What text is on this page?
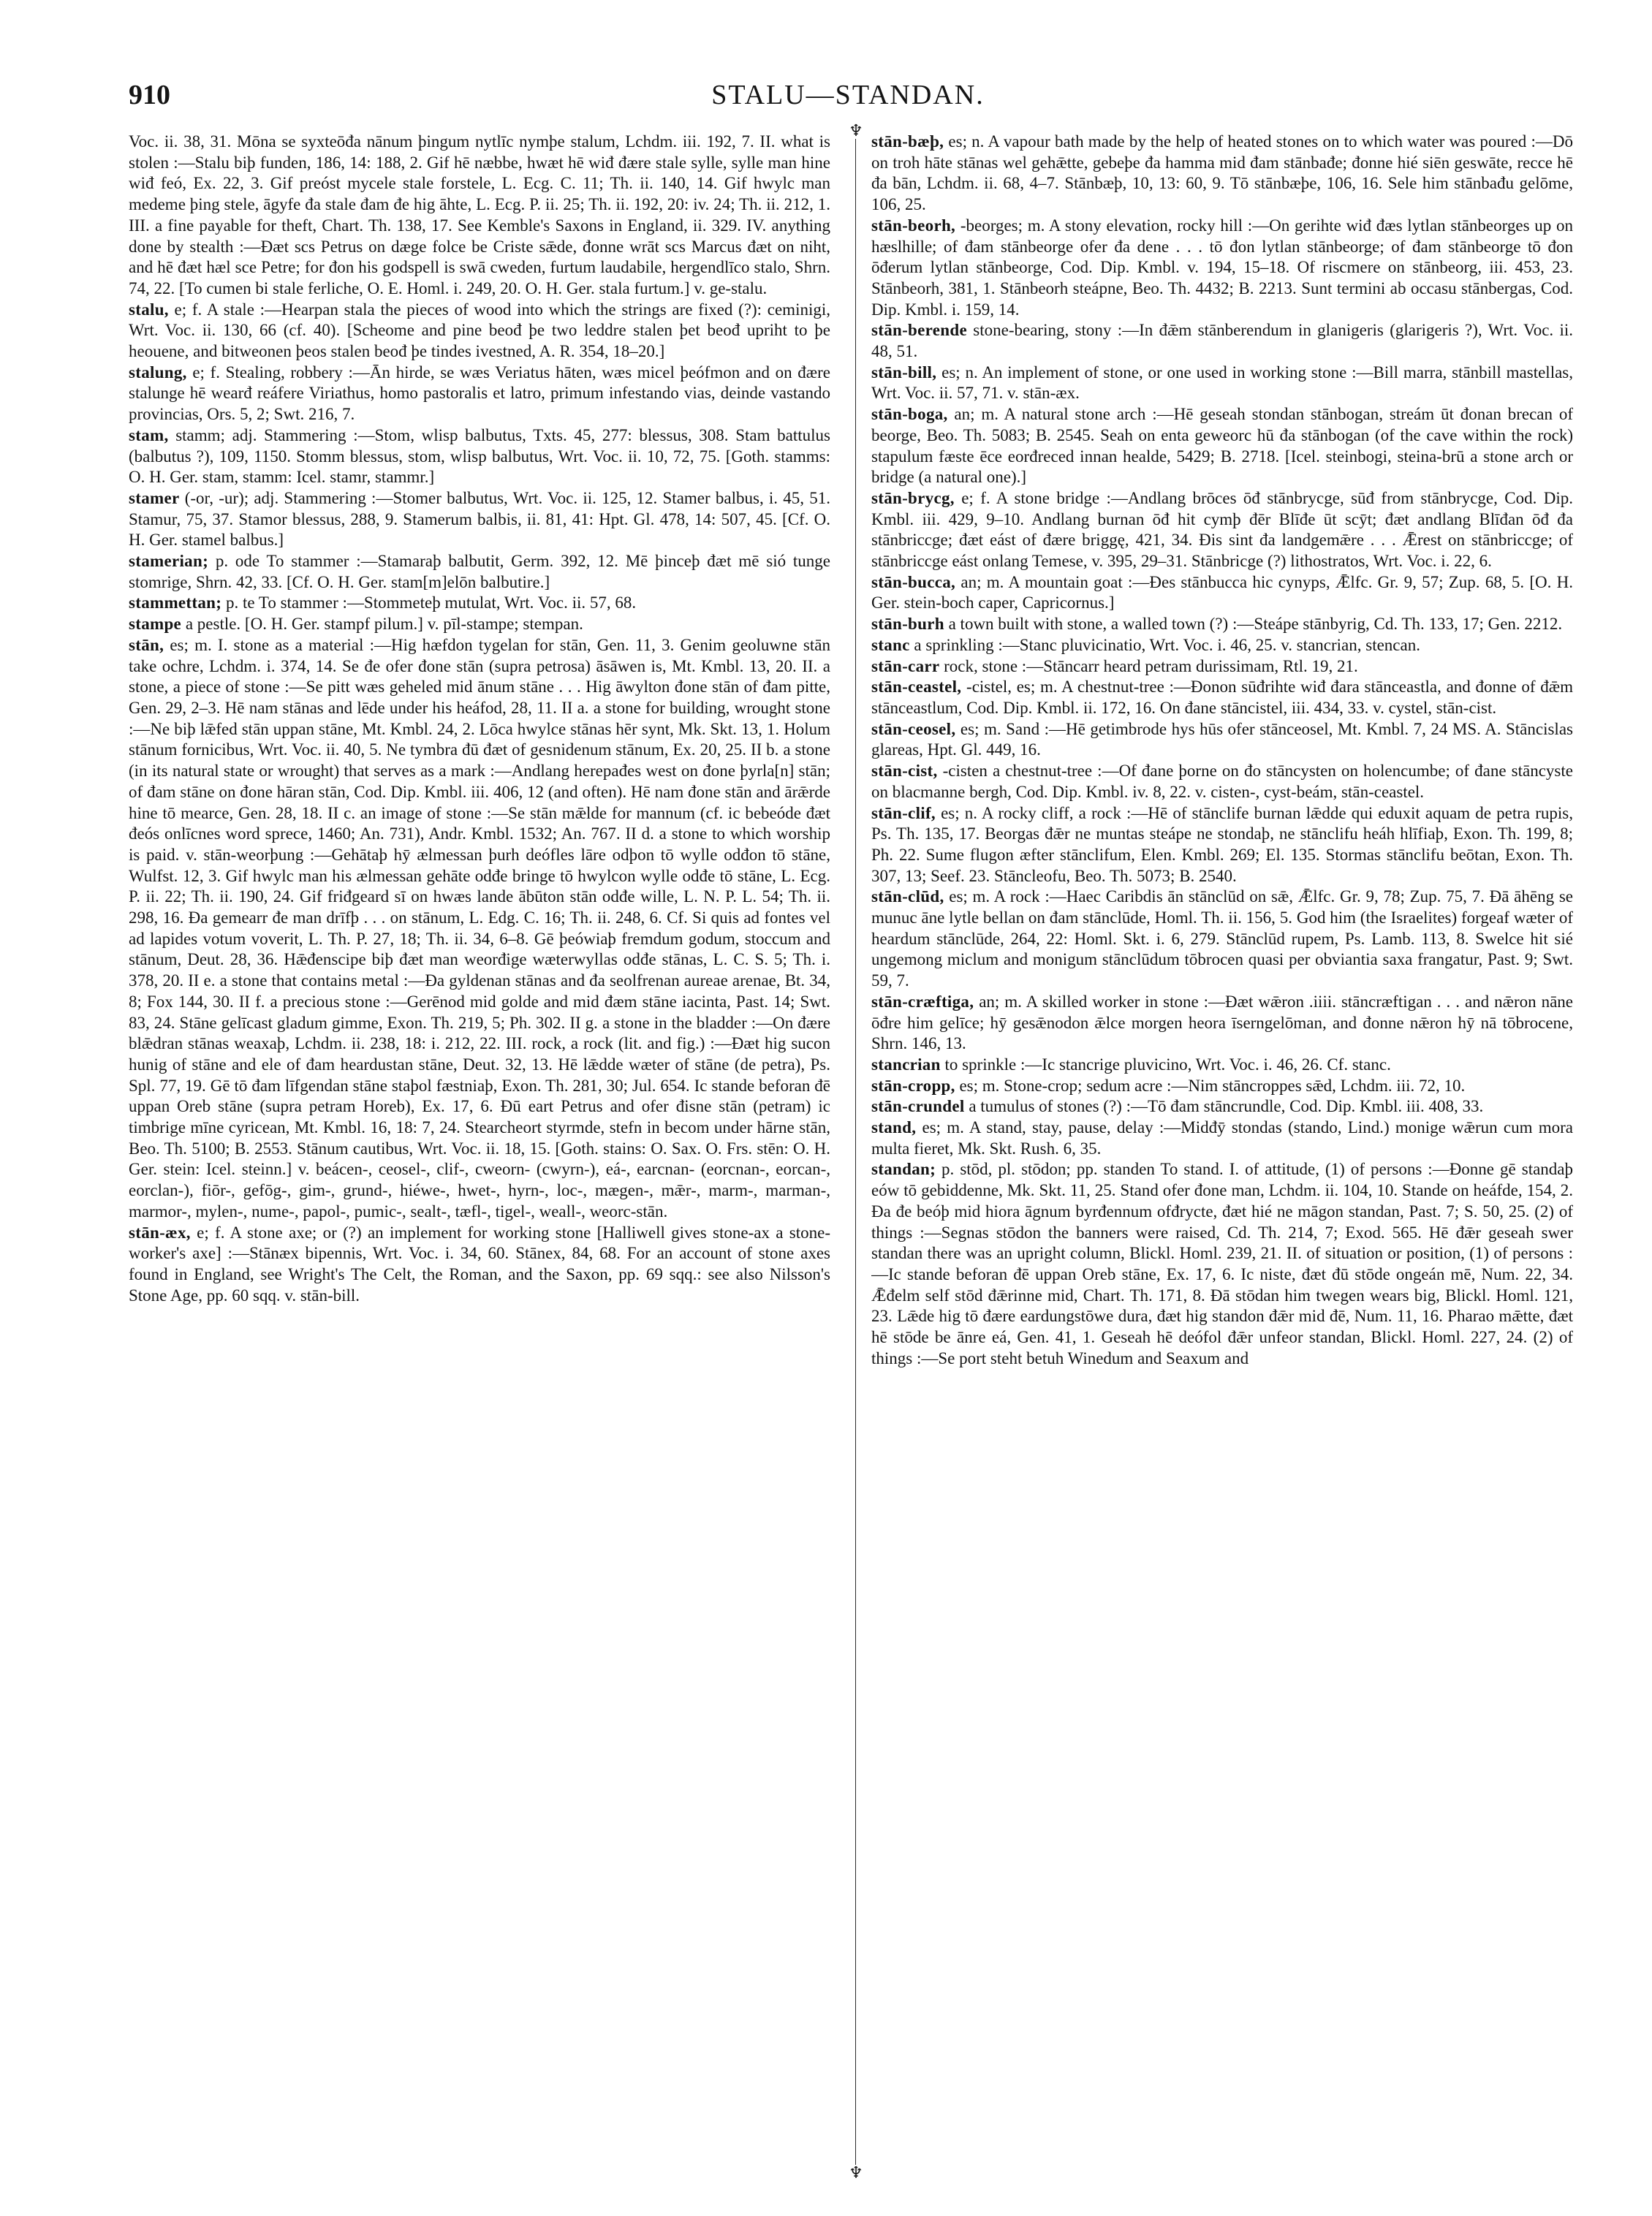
910	STALU—STANDAN.
♆
♆

Voc. ii. 38, 31. Mōna se syxteōđa nānum þingum nytlīc nymþe stalum, Lchdm. iii. 192, 7. II. what is stolen :—Stalu biþ funden, 186, 14: 188, 2. Gif hē næbbe, hwæt hē wiđ đære stale sylle, sylle man hine wiđ feó, Ex. 22, 3. Gif preóst mycele stale forstele, L. Ecg. C. 11; Th. ii. 140, 14. Gif hwylc man medeme þing stele, āgyfe đa stale đam đe hig āhte, L. Ecg. P. ii. 25; Th. ii. 192, 20: iv. 24; Th. ii. 212, 1. III. a fine payable for theft, Chart. Th. 138, 17. See Kemble's Saxons in England, ii. 329. IV. anything done by stealth :—Đæt scs Petrus on dæge folce be Criste sǣde, đonne wrāt scs Marcus đæt on niht, and hē đæt hæl sce Petre; for đon his godspell is swā cweden, furtum laudabile, hergendlīco stalo, Shrn. 74, 22. [To cumen bi stale ferliche, O. E. Homl. i. 249, 20. O. H. Ger. stala furtum.] v. ge-stalu.

stalu, e; f. A stale :—Hearpan stala the pieces of wood into which the strings are fixed (?): ceminigi, Wrt. Voc. ii. 130, 66 (cf. 40). [Scheome and pine beođ þe two leddre stalen þet beođ upriht to þe heouene, and bitweonen þeos stalen beođ þe tindes ivestned, A. R. 354, 18–20.]

stalung, e; f. Stealing, robbery :—Ān hirde, se wæs Veriatus hāten, wæs micel þeófmon and on đære stalunge hē wearđ reáfere Viriathus, homo pastoralis et latro, primum infestando vias, deinde vastando provincias, Ors. 5, 2; Swt. 216, 7.

stam, stamm; adj. Stammering :—Stom, wlisp balbutus, Txts. 45, 277: blessus, 308. Stam battulus (balbutus ?), 109, 1150. Stomm blessus, stom, wlisp balbutus, Wrt. Voc. ii. 10, 72, 75. [Goth. stamms: O. H. Ger. stam, stamm: Icel. stamr, stammr.]

stamer (-or, -ur); adj. Stammering :—Stomer balbutus, Wrt. Voc. ii. 125, 12. Stamer balbus, i. 45, 51. Stamur, 75, 37. Stamor blessus, 288, 9. Stamerum balbis, ii. 81, 41: Hpt. Gl. 478, 14: 507, 45. [Cf. O. H. Ger. stamel balbus.]

stamerian; p. ode To stammer :—Stamaraþ balbutit, Germ. 392, 12. Mē þinceþ đæt mē sió tunge stomrige, Shrn. 42, 33. [Cf. O. H. Ger. stam[m]elōn balbutire.]

stammettan; p. te To stammer :—Stommeteþ mutulat, Wrt. Voc. ii. 57, 68.

stampe a pestle. [O. H. Ger. stampf pilum.] v. pīl-stampe; stempan.

stān, es; m. I. stone as a material :—Hig hæfdon tygelan for stān, Gen. 11, 3. Genim geoluwne stān take ochre, Lchdm. i. 374, 14. Se đe ofer đone stān (supra petrosa) āsāwen is, Mt. Kmbl. 13, 20. II. a stone, a piece of stone :—Se pitt wæs geheled mid ānum stāne . . . Hig āwylton đone stān of đam pitte, Gen. 29, 2–3. Hē nam stānas and lēde under his heáfod, 28, 11. II a. a stone for building, wrought stone :—Ne biþ lǣfed stān uppan stāne, Mt. Kmbl. 24, 2. Lōca hwylce stānas hēr synt, Mk. Skt. 13, 1. Holum stānum fornicibus, Wrt. Voc. ii. 40, 5. Ne tymbra đū đæt of gesnidenum stānum, Ex. 20, 25. II b. a stone (in its natural state or wrought) that serves as a mark :—Andlang herepađes west on đone þyrla[n] stān; of đam stāne on đone hāran stān, Cod. Dip. Kmbl. iii. 406, 12 (and often). Hē nam đone stān and ārǣrde hine tō mearce, Gen. 28, 18. II c. an image of stone :—Se stān mǣlde for mannum (cf. ic bebeóde đæt đeós onlīcnes word sprece, 1460; An. 731), Andr. Kmbl. 1532; An. 767. II d. a stone to which worship is paid. v. stān-weorþung :—Gehātaþ hȳ ælmessan þurh deófles lāre odþon tō wylle odđon tō stāne, Wulfst. 12, 3. Gif hwylc man his ælmessan gehāte odđe bringe tō hwylcon wylle odđe tō stāne, L. Ecg. P. ii. 22; Th. ii. 190, 24. Gif friđgeard sī on hwæs lande ābūton stān odđe wille, L. N. P. L. 54; Th. ii. 298, 16. Đa gemearr đe man drīfþ . . . on stānum, L. Edg. C. 16; Th. ii. 248, 6. Cf. Si quis ad fontes vel ad lapides votum voverit, L. Th. P. 27, 18; Th. ii. 34, 6–8. Gē þeówiaþ fremdum godum, stoccum and stānum, Deut. 28, 36. Hǣđenscipe biþ đæt man weorđige wæterwyllas odđe stānas, L. C. S. 5; Th. i. 378, 20. II e. a stone that contains metal :—Đa gyldenan stānas and đa seolfrenan aureae arenae, Bt. 34, 8; Fox 144, 30. II f. a precious stone :—Gerēnod mid golde and mid đæm stāne iacinta, Past. 14; Swt. 83, 24. Stāne gelīcast gladum gimme, Exon. Th. 219, 5; Ph. 302. II g. a stone in the bladder :—On đære blǣdran stānas weaxaþ, Lchdm. ii. 238, 18: i. 212, 22. III. rock, a rock (lit. and fig.) :—Đæt hig sucon hunig of stāne and ele of đam heardustan stāne, Deut. 32, 13. Hē lǣdde wæter of stāne (de petra), Ps. Spl. 77, 19. Gē tō đam līfgendan stāne staþol fæstniaþ, Exon. Th. 281, 30; Jul. 654. Ic stande beforan đē uppan Oreb stāne (supra petram Horeb), Ex. 17, 6. Đū eart Petrus and ofer đisne stān (petram) ic timbrige mīne cyricean, Mt. Kmbl. 16, 18: 7, 24. Stearcheort styrmde, stefn in becom under hārne stān, Beo. Th. 5100; B. 2553. Stānum cautibus, Wrt. Voc. ii. 18, 15. [Goth. stains: O. Sax. O. Frs. stēn: O. H. Ger. stein: Icel. steinn.] v. beácen-, ceosel-, clif-, cweorn- (cwyrn-), eá-, earcnan- (eorcnan-, eorcan-, eorclan-), fiōr-, gefōg-, gim-, grund-, hiéwe-, hwet-, hyrn-, loc-, mægen-, mǣr-, marm-, marman-, marmor-, mylen-, nume-, papol-, pumic-, sealt-, tæfl-, tigel-, weall-, weorc-stān.

stān-æx, e; f. A stone axe; or (?) an implement for working stone [Halliwell gives stone-ax a stone-worker's axe] :—Stānæx bipennis, Wrt. Voc. i. 34, 60. Stānex, 84, 68. For an account of stone axes found in England, see Wright's The Celt, the Roman, and the Saxon, pp. 69 sqq.: see also Nilsson's Stone Age, pp. 60 sqq. v. stān-bill.

stān-bæþ, es; n. A vapour bath made by the help of heated stones on to which water was poured :—Dō on troh hāte stānas wel gehǣtte, gebeþe đa hamma mid đam stānbađe; đonne hié siēn geswāte, recce hē đa bān, Lchdm. ii. 68, 4–7. Stānbæþ, 10, 13: 60, 9. Tō stānbæþe, 106, 16. Sele him stānbađu gelōme, 106, 25.

stān-beorh, -beorges; m. A stony elevation, rocky hill :—On gerihte wiđ đæs lytlan stānbeorges up on hæslhille; of đam stānbeorge ofer đa dene . . . tō đon lytlan stānbeorge; of đam stānbeorge tō đon ōđerum lytlan stānbeorge, Cod. Dip. Kmbl. v. 194, 15–18. Of riscmere on stānbeorg, iii. 453, 23. Stānbeorh, 381, 1. Stānbeorh steápne, Beo. Th. 4432; B. 2213. Sunt termini ab occasu stānbergas, Cod. Dip. Kmbl. i. 159, 14.

stān-berende stone-bearing, stony :—In đǣm stānberendum in glanigeris (glarigeris ?), Wrt. Voc. ii. 48, 51.

stān-bill, es; n. An implement of stone, or one used in working stone :—Bill marra, stānbill mastellas, Wrt. Voc. ii. 57, 71. v. stān-æx.

stān-boga, an; m. A natural stone arch :—Hē geseah stondan stānbogan, streám ūt đonan brecan of beorge, Beo. Th. 5083; B. 2545. Seah on enta geweorc hū đa stānbogan (of the cave within the rock) stapulum fæste ēce eorđreced innan healde, 5429; B. 2718. [Icel. steinbogi, steina-brū a stone arch or bridge (a natural one).]

stān-brycg, e; f. A stone bridge :—Andlang brōces ōđ stānbrycge, sūđ from stānbrycge, Cod. Dip. Kmbl. iii. 429, 9–10. Andlang burnan ōđ hit cymþ đēr Blīđe ūt scȳt; đæt andlang Blīđan ōđ đa stānbriccge; đæt eást of đære briggę, 421, 34. Đis sint đa landgemǣre . . . Ǣrest on stānbriccge; of stānbriccge eást onlang Temese, v. 395, 29–31. Stānbricge (?) lithostratos, Wrt. Voc. i. 22, 6.

stān-bucca, an; m. A mountain goat :—Đes stānbucca hic cynyps, Ǣlfc. Gr. 9, 57; Zup. 68, 5. [O. H. Ger. stein-boch caper, Capricornus.]

stān-burh a town built with stone, a walled town (?) :—Steápe stānbyrig, Cd. Th. 133, 17; Gen. 2212.

stanc a sprinkling :—Stanc pluvicinatio, Wrt. Voc. i. 46, 25. v. stancrian, stencan.

stān-carr rock, stone :—Stāncarr heard petram durissimam, Rtl. 19, 21.

stān-ceastel, -cistel, es; m. A chestnut-tree :—Đonon sūđrihte wiđ đara stānceastla, and đonne of đǣm stānceastlum, Cod. Dip. Kmbl. ii. 172, 16. On đane stāncistel, iii. 434, 33. v. cystel, stān-cist.

stān-ceosel, es; m. Sand :—Hē getimbrode hys hūs ofer stānceosel, Mt. Kmbl. 7, 24 MS. A. Stāncislas glareas, Hpt. Gl. 449, 16.

stān-cist, -cisten a chestnut-tree :—Of đane þorne on đo stāncysten on holencumbe; of đane stāncyste on blacmanne bergh, Cod. Dip. Kmbl. iv. 8, 22. v. cisten-, cyst-beám, stān-ceastel.

stān-clif, es; n. A rocky cliff, a rock :—Hē of stānclife burnan lǣdde qui eduxit aquam de petra rupis, Ps. Th. 135, 17. Beorgas đǣr ne muntas steápe ne stondaþ, ne stānclifu heáh hlīfiaþ, Exon. Th. 199, 8; Ph. 22. Sume flugon æfter stānclifum, Elen. Kmbl. 269; El. 135. Stormas stānclifu beōtan, Exon. Th. 307, 13; Seef. 23. Stāncleofu, Beo. Th. 5073; B. 2540.

stān-clūd, es; m. A rock :—Haec Caribdis ān stānclūd on sǣ, Ǣlfc. Gr. 9, 78; Zup. 75, 7. Đā āhēng se munuc āne lytle bellan on đam stānclūde, Homl. Th. ii. 156, 5. God him (the Israelites) forgeaf wæter of heardum stānclūde, 264, 22: Homl. Skt. i. 6, 279. Stānclūd rupem, Ps. Lamb. 113, 8. Swelce hit sié ungemong miclum and monigum stānclūdum tōbrocen quasi per obviantia saxa frangatur, Past. 9; Swt. 59, 7.

stān-cræftiga, an; m. A skilled worker in stone :—Đæt wǣron .iiii. stāncræftigan . . . and nǣron nāne ōđre him gelīce; hȳ gesǣnodon ǣlce morgen heora īserngelōman, and đonne nǣron hȳ nā tōbrocene, Shrn. 146, 13.

stancrian to sprinkle :—Ic stancrige pluvicino, Wrt. Voc. i. 46, 26. Cf. stanc.

stān-cropp, es; m. Stone-crop; sedum acre :—Nim stāncroppes sǣd, Lchdm. iii. 72, 10.

stān-crundel a tumulus of stones (?) :—Tō đam stāncrundle, Cod. Dip. Kmbl. iii. 408, 33.

stand, es; m. A stand, stay, pause, delay :—Midđȳ stondas (stando, Lind.) monige wǣrun cum mora multa fieret, Mk. Skt. Rush. 6, 35.

standan; p. stōd, pl. stōdon; pp. standen To stand. I. of attitude, (1) of persons :—Đonne gē standaþ eów tō gebiddenne, Mk. Skt. 11, 25. Stand ofer đone man, Lchdm. ii. 104, 10. Stande on heáfde, 154, 2. Đa đe beóþ mid hiora āgnum byrđennum ofđrycte, đæt hié ne māgon standan, Past. 7; S. 50, 25. (2) of things :—Segnas stōdon the banners were raised, Cd. Th. 214, 7; Exod. 565. Hē đǣr geseah swer standan there was an upright column, Blickl. Homl. 239, 21. II. of situation or position, (1) of persons :—Ic stande beforan đē uppan Oreb stāne, Ex. 17, 6. Ic niste, đæt đū stōde ongeán mē, Num. 22, 34. Ǣđelm self stōd đǣrinne mid, Chart. Th. 171, 8. Đā stōdan him twegen wears big, Blickl. Homl. 121, 23. Lǣde hig tō đære eardungstōwe dura, đæt hig standon đǣr mid đē, Num. 11, 16. Pharao mǣtte, đæt hē stōde be ānre eá, Gen. 41, 1. Geseah hē deófol đǣr unfeor standan, Blickl. Homl. 227, 24. (2) of things :—Se port steht betuh Winedum and Seaxum and
